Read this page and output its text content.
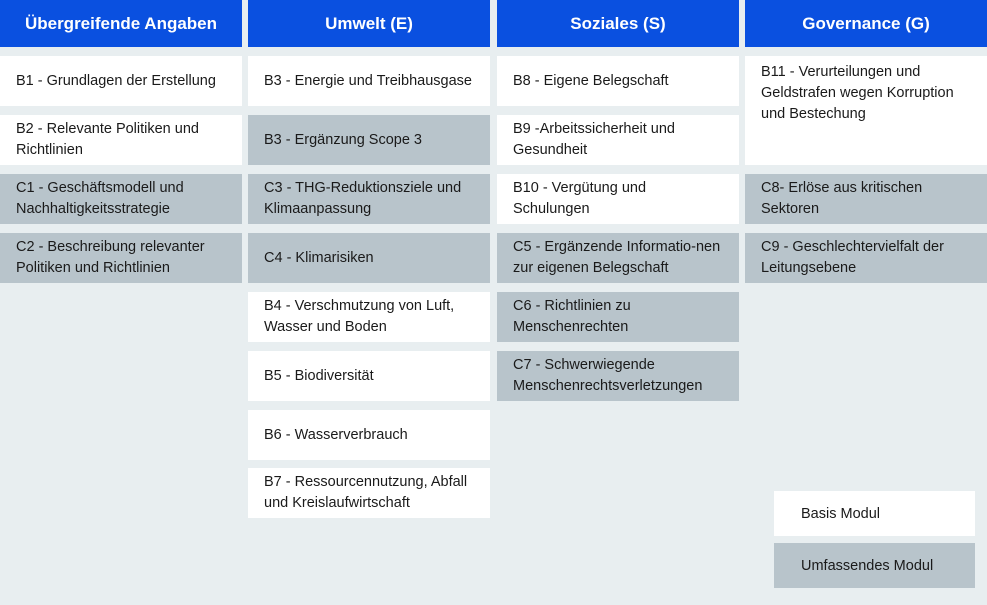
Übergreifende Angaben
B1 - Grundlagen der Erstellung
B2 - Relevante Politiken und Richtlinien
C1 - Geschäftsmodell und Nachhaltigkeitsstrategie
C2 - Beschreibung relevanter Politiken und Richtlinien
Umwelt (E)
B3 - Energie und Treibhausgase
B3 - Ergänzung Scope 3
C3 - THG-Reduktionsziele und Klimaanpassung
C4 - Klimarisiken
B4 - Verschmutzung von Luft, Wasser und Boden
B5 - Biodiversität
B6 - Wasserverbrauch
B7 - Ressourcennutzung, Abfall und Kreislaufwirtschaft
Soziales (S)
B8 - Eigene Belegschaft
B9 -Arbeitssicherheit und Gesundheit
B10 - Vergütung und Schulungen
C5 - Ergänzende Informatio-nen zur eigenen Belegschaft
C6 - Richtlinien zu Menschenrechten
C7 - Schwerwiegende Menschenrechtsverletzungen
Governance (G)
B11 - Verurteilungen und Geldstrafen wegen Korruption und Bestechung
C8- Erlöse aus kritischen Sektoren
C9 - Geschlechtervielfalt der Leitungsebene
Basis Modul
Umfassendes Modul
